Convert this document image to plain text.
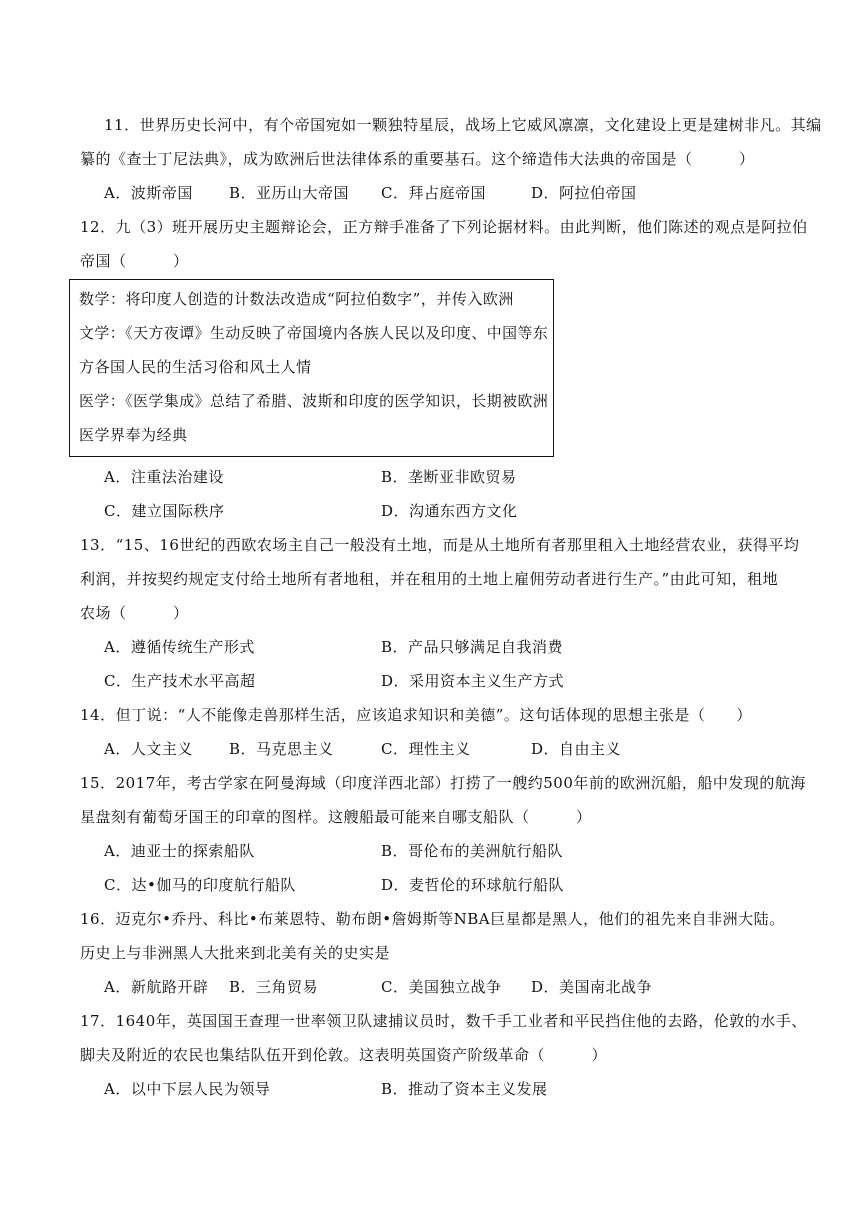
11．世界历史长河中，有个帝国宛如一颗独特星辰，战场上它威风凛凛，文化建设上更是建树非凡。其编
纂的《查士丁尼法典》，成为欧洲后世法律体系的重要基石。这个缔造伟大法典的帝国是（　　　）
A．波斯帝国 B．亚历山大帝国 C．拜占庭帝国	D．阿拉伯帝国
12．九（3）班开展历史主题辩论会，正方辩手准备了下列论据材料。由此判断，他们陈述的观点是阿拉伯
帝国（　　　）
数学：将印度人创造的计数法改造成“阿拉伯数字”，并传入欧洲
文学：《天方夜谭》生动反映了帝国境内各族人民以及印度、中国等东
方各国人民的生活习俗和风土人情
医学：《医学集成》总结了希腊、波斯和印度的医学知识，长期被欧洲
医学界奉为经典
A．注重法治建设	B．垄断亚非欧贸易
C．建立国际秩序	D．沟通东西方文化
13．“15、16世纪的西欧农场主自己一般没有土地，而是从土地所有者那里租入土地经营农业，获得平均
利润，并按契约规定支付给土地所有者地租，并在租用的土地上雇佣劳动者进行生产。”由此可知，租地
农场（　　　）
A．遵循传统生产形式	B．产品只够满足自我消费
C．生产技术水平高超	D．采用资本主义生产方式
14．但丁说：“人不能像走兽那样生活，应该追求知识和美德”。这句话体现的思想主张是（　　）
A．人文主义 B．马克思主义	C．理性主义	D．自由主义
15．2017年，考古学家在阿曼海域（印度洋西北部）打捞了一艘约500年前的欧洲沉船，船中发现的航海
星盘刻有葡萄牙国王的印章的图样。这艘船最可能来自哪支船队（　　　）
A．迪亚士的探索船队	B．哥伦布的美洲航行船队
C．达•伽马的印度航行船队	D．麦哲伦的环球航行船队
16．迈克尔•乔丹、科比•布莱恩特、勒布朗•詹姆斯等NBA巨星都是黑人，他们的祖先来自非洲大陆。
历史上与非洲黑人大批来到北美有关的史实是
A．新航路开辟 B．三角贸易	C．美国独立战争 D．美国南北战争
17．1640年，英国国王查理一世率领卫队逮捕议员时，数千手工业者和平民挡住他的去路，伦敦的水手、
脚夫及附近的农民也集结队伍开到伦敦。这表明英国资产阶级革命（　　　）
A．以中下层人民为领导	B．推动了资本主义发展
